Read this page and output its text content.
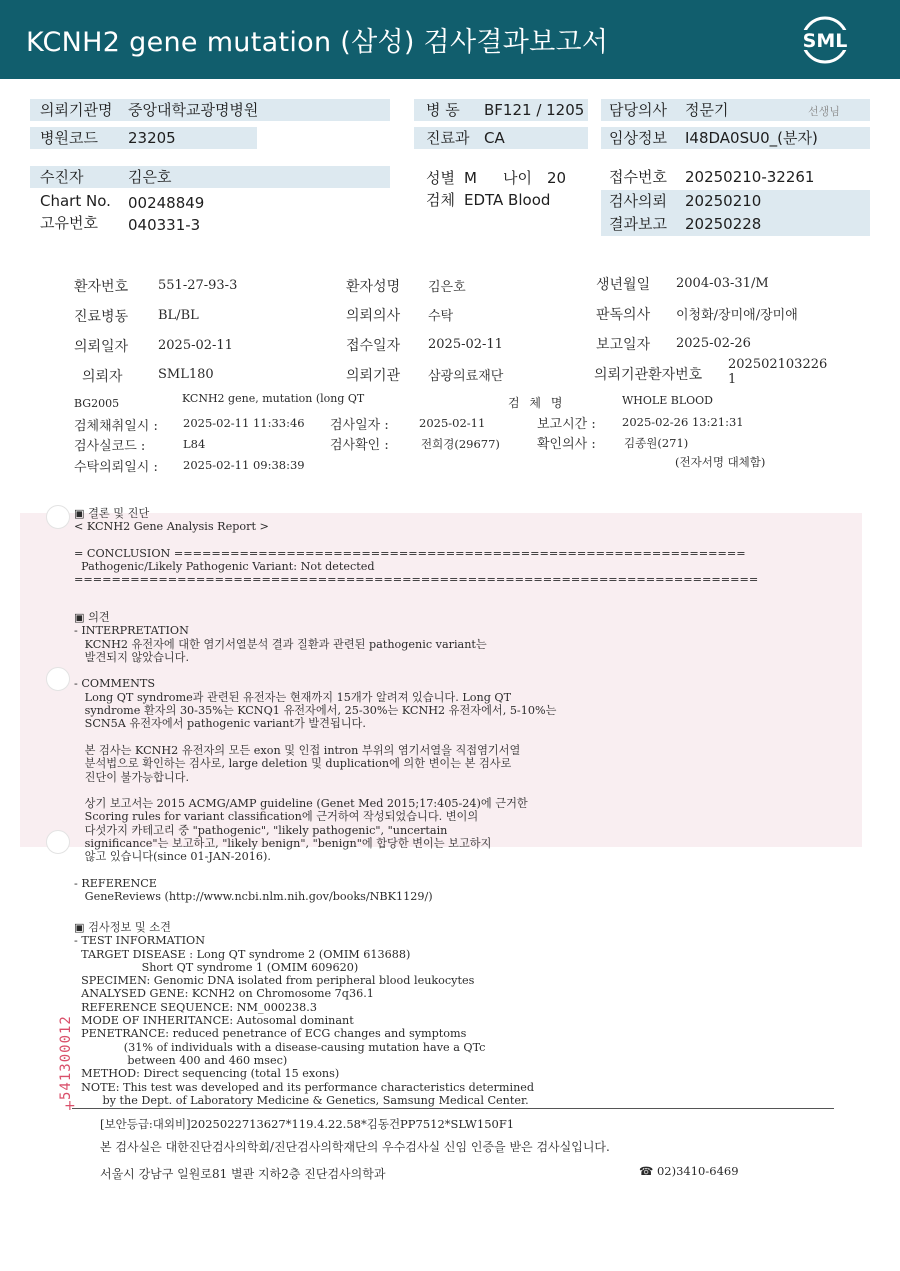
KCNH2 gene mutation (삼성) 검사결과보고서	SML
의뢰기관명 중앙대학교광명병원
병원코드 23205
병 동 BF121 / 1205
진료과 CA
담당의사 정문기	선생님
임상정보 I48DA0SU0_(분자)
수진자	김은호
Chart No. 00248849
고유번호 040331-3
성별 M 나이 20
검체 EDTA Blood
접수번호 20250210-32261
검사의뢰 20250210
결과보고 20250228
환자번호 551-27-93-3	환자성명 김은호	생년월일 2004-03-31/M
진료병동 BL/BL	의뢰의사 수탁	판독의사 이청화/장미애/장미애
의뢰일자 2025-02-11	접수일자 2025-02-11	보고일자 2025-02-26
의뢰자	SML180	의뢰기관 삼광의료재단	의뢰기관환자번호
202502103226
1
BG2005	KCNH2 gene, mutation (long QT	검 체 명	WHOLE BLOOD
검체채취일시 : 2025-02-11 11:33:46 검사일자 :	2025-02-11	보고시간 : 2025-02-26 13:21:31
검사실코드 :	L84	검사확인 :	전희경(29677)	확인의사 : 김종원(271)
수탁의뢰일시 : 2025-02-11 09:38:39	(전자서명 대체함)
▣ 결론 및 진단
< KCNH2 Gene Analysis Report >

= CONCLUSION =============================================================
Pathogenic/Likely Pathogenic Variant: Not detected
=========================================================================
▣ 의견
- INTERPRETATION
KCNH2 유전자에 대한 염기서열분석 결과 질환과 관련된 pathogenic variant는
발견되지 않았습니다.

- COMMENTS
Long QT syndrome과 관련된 유전자는 현재까지 15개가 알려져 있습니다. Long QT
syndrome 환자의 30-35%는 KCNQ1 유전자에서, 25-30%는 KCNH2 유전자에서, 5-10%는
SCN5A 유전자에서 pathogenic variant가 발견됩니다.

본 검사는 KCNH2 유전자의 모든 exon 및 인접 intron 부위의 염기서열을 직접염기서열
분석법으로 확인하는 검사로, large deletion 및 duplication에 의한 변이는 본 검사로
진단이 불가능합니다.

상기 보고서는 2015 ACMG/AMP guideline (Genet Med 2015;17:405-24)에 근거한
Scoring rules for variant classification에 근거하여 작성되었습니다. 변이의
다섯가지 카테고리 중 "pathogenic", "likely pathogenic", "uncertain
significance"는 보고하고, "likely benign", "benign"에 합당한 변이는 보고하지
않고 있습니다(since 01-JAN-2016).

- REFERENCE
GeneReviews (http://www.ncbi.nlm.nih.gov/books/NBK1129/)
▣ 검사정보 및 소견
- TEST INFORMATION
TARGET DISEASE : Long QT syndrome 2 (OMIM 613688)
Short QT syndrome 1 (OMIM 609620)
SPECIMEN: Genomic DNA isolated from peripheral blood leukocytes
ANALYSED GENE: KCNH2 on Chromosome 7q36.1
REFERENCE SEQUENCE: NM_000238.3
MODE OF INHERITANCE: Autosomal dominant
PENETRANCE: reduced penetrance of ECG changes and symptoms
(31% of individuals with a disease-causing mutation have a QTc
between 400 and 460 msec)
METHOD: Direct sequencing (total 15 exons)
NOTE: This test was developed and its performance characteristics determined
by the Dept. of Laboratory Medicine & Genetics, Samsung Medical Center.
[보안등급:대외비]2025022713627*119.4.22.58*김동건PP7512*SLW150F1
본 검사실은 대한진단검사의학회/진단검사의학재단의 우수검사실 신임 인증을 받은 검사실입니다.
서울시 강남구 일원로81 별관 지하2층 진단검사의학과	☎ 02)3410-6469
541300012
+
